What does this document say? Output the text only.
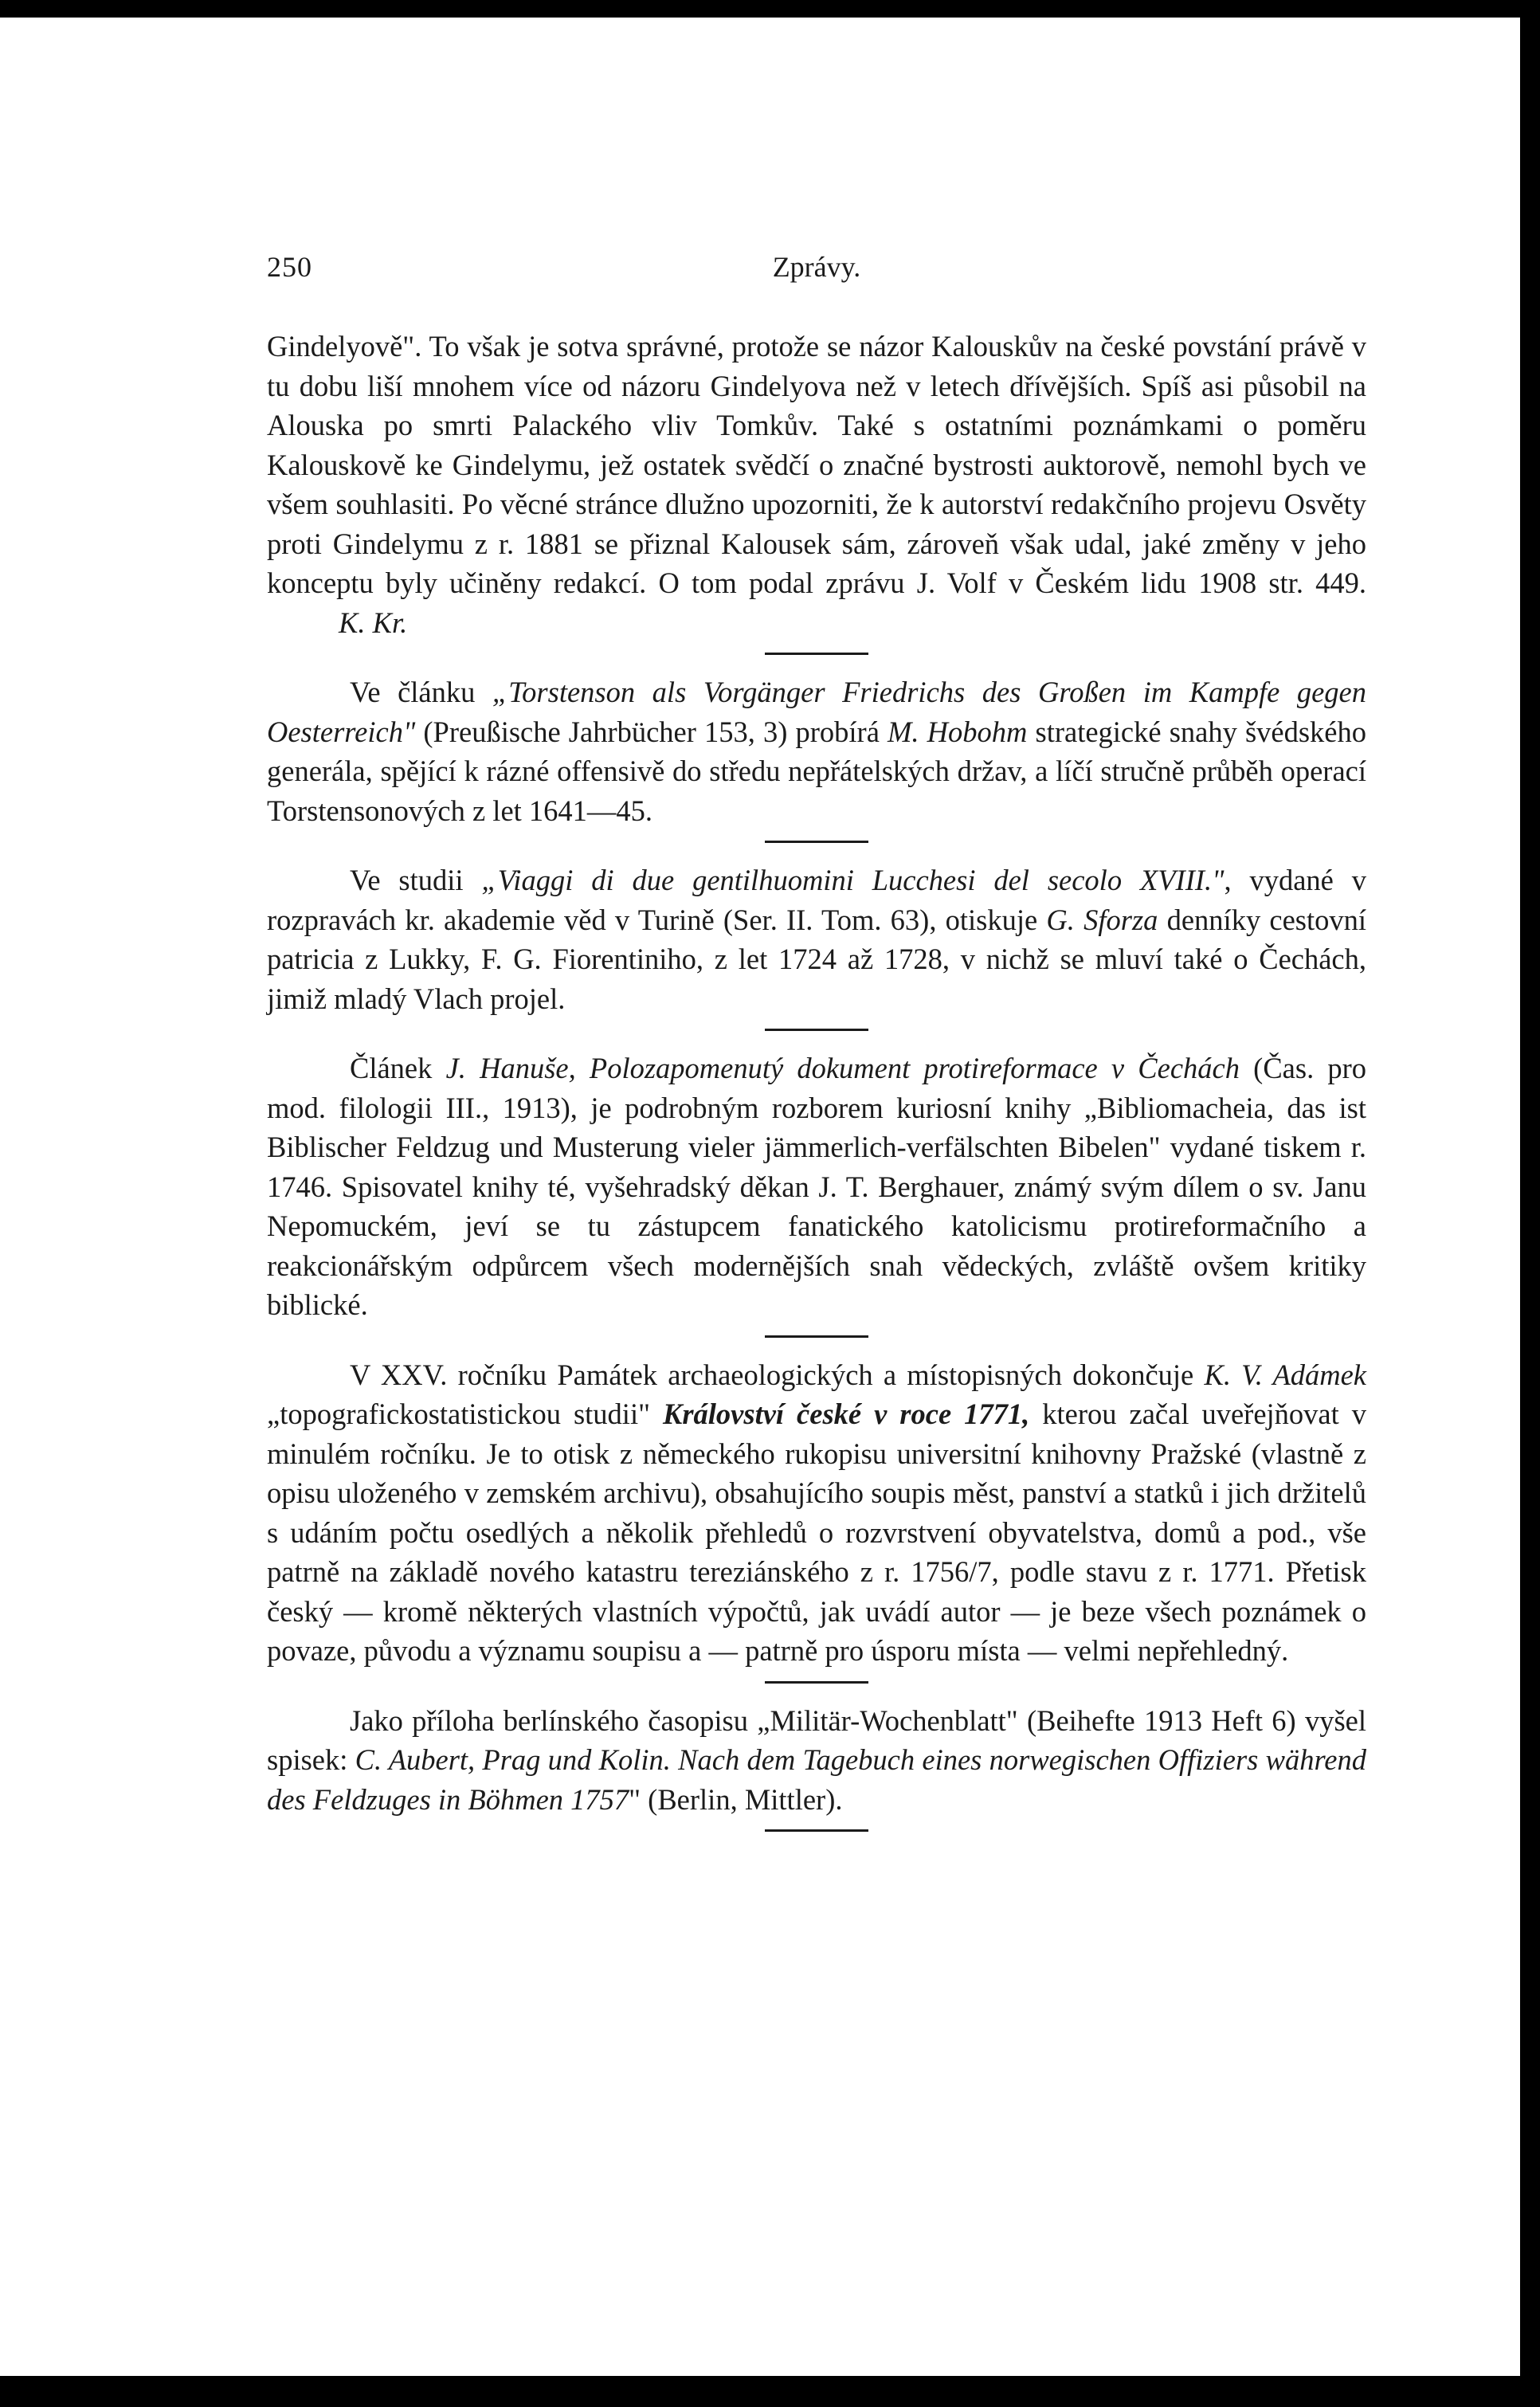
250	Zprávy.

Gindelyově". To však je sotva správné, protože se názor Kalouskův na české povstání právě v tu dobu liší mnohem více od názoru Gindelyova než v letech dřívějších. Spíš asi působil na Alouska po smrti Palackého vliv Tomkův. Také s ostatními poznámkami o poměru Kalouskově ke Gindelymu, jež ostatek svědčí o značné bystrosti auktorově, nemohl bych ve všem souhlasiti. Po věcné stránce dlužno upozorniti, že k autorství redakčního projevu Osvěty proti Gindelymu z r. 1881 se přiznal Kalousek sám, zároveň však udal, jaké změny v jeho konceptu byly učiněny redakcí. O tom podal zprávu J. Volf v Českém lidu 1908 str. 449. K. Kr.

Ve článku „Torstenson als Vorgänger Friedrichs des Großen im Kampfe gegen Oesterreich" (Preußische Jahrbücher 153, 3) probírá M. Hobohm strategické snahy švédského generála, spějící k rázné offensivě do středu nepřátelských držav, a líčí stručně průběh operací Torstensonových z let 1641—45.

Ve studii „Viaggi di due gentilhuomini Lucchesi del secolo XVIII.", vydané v rozpravách kr. akademie věd v Turině (Ser. II. Tom. 63), otiskuje G. Sforza denníky cestovní patricia z Lukky, F. G. Fiorentiniho, z let 1724 až 1728, v nichž se mluví také o Čechách, jimiž mladý Vlach projel.

Článek J. Hanuše, Polozapomenutý dokument protireformace v Čechách (Čas. pro mod. filologii III., 1913), je podrobným rozborem kuriosní knihy „Bibliomacheia, das ist Biblischer Feldzug und Musterung vieler jämmerlich-verfälschten Bibelen" vydané tiskem r. 1746. Spisovatel knihy té, vyšehradský děkan J. T. Berghauer, známý svým dílem o sv. Janu Nepomuckém, jeví se tu zástupcem fanatického katolicismu protireformačního a reakcionářským odpůrcem všech modernějších snah vědeckých, zvláště ovšem kritiky biblické.

V XXV. ročníku Památek archaeologických a místopisných dokončuje K. V. Adámek „topografickostatistickou studii" Království české v roce 1771, kterou začal uveřejňovat v minulém ročníku. Je to otisk z německého rukopisu universitní knihovny Pražské (vlastně z opisu uloženého v zemském archivu), obsahujícího soupis měst, panství a statků i jich držitelů s udáním počtu osedlých a několik přehledů o rozvrstvení obyvatelstva, domů a pod., vše patrně na základě nového katastru tereziánského z r. 1756/7, podle stavu z r. 1771. Přetisk český — kromě některých vlastních výpočtů, jak uvádí autor — je beze všech poznámek o povaze, původu a významu soupisu a — patrně pro úsporu místa — velmi nepřehledný.

Jako příloha berlínského časopisu „Militär-Wochenblatt" (Beihefte 1913 Heft 6) vyšel spisek: C. Aubert, Prag und Kolin. Nach dem Tagebuch eines norwegischen Offiziers während des Feldzuges in Böhmen 1757" (Berlin, Mittler).
